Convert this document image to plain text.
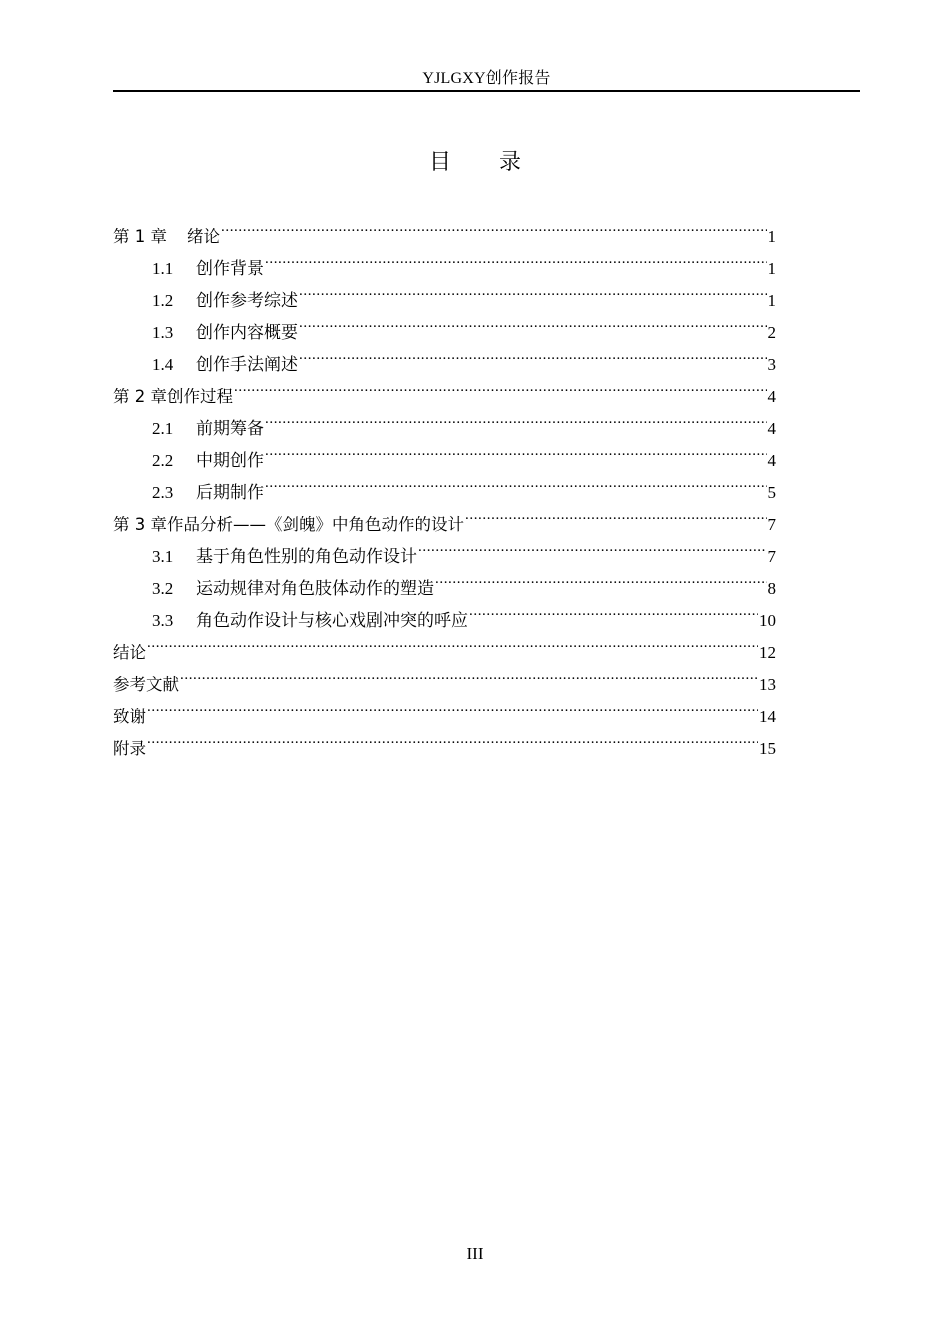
YJLGXY创作报告
目 录
第 1 章 绪论 .....	1
1.1	创作背景 .....	1
1.2	创作参考综述 .....	1
1.3	创作内容概要 .....	2
1.4	创作手法阐述 .....	3
第 2 章 创作过程 .....	4
2.1	前期筹备 .....	4
2.2	中期创作 .....	4
2.3	后期制作 .....	5
第 3 章 作品分析——《剑魄》中角色动作的设计 .....	7
3.1	基于角色性别的角色动作设计 .....	7
3.2	运动规律对角色肢体动作的塑造 .....	8
3.3	角色动作设计与核心戏剧冲突的呼应 .....	10
结论 .....	12
参考文献 .....	13
致谢 .....	14
附录 .....	15
III
